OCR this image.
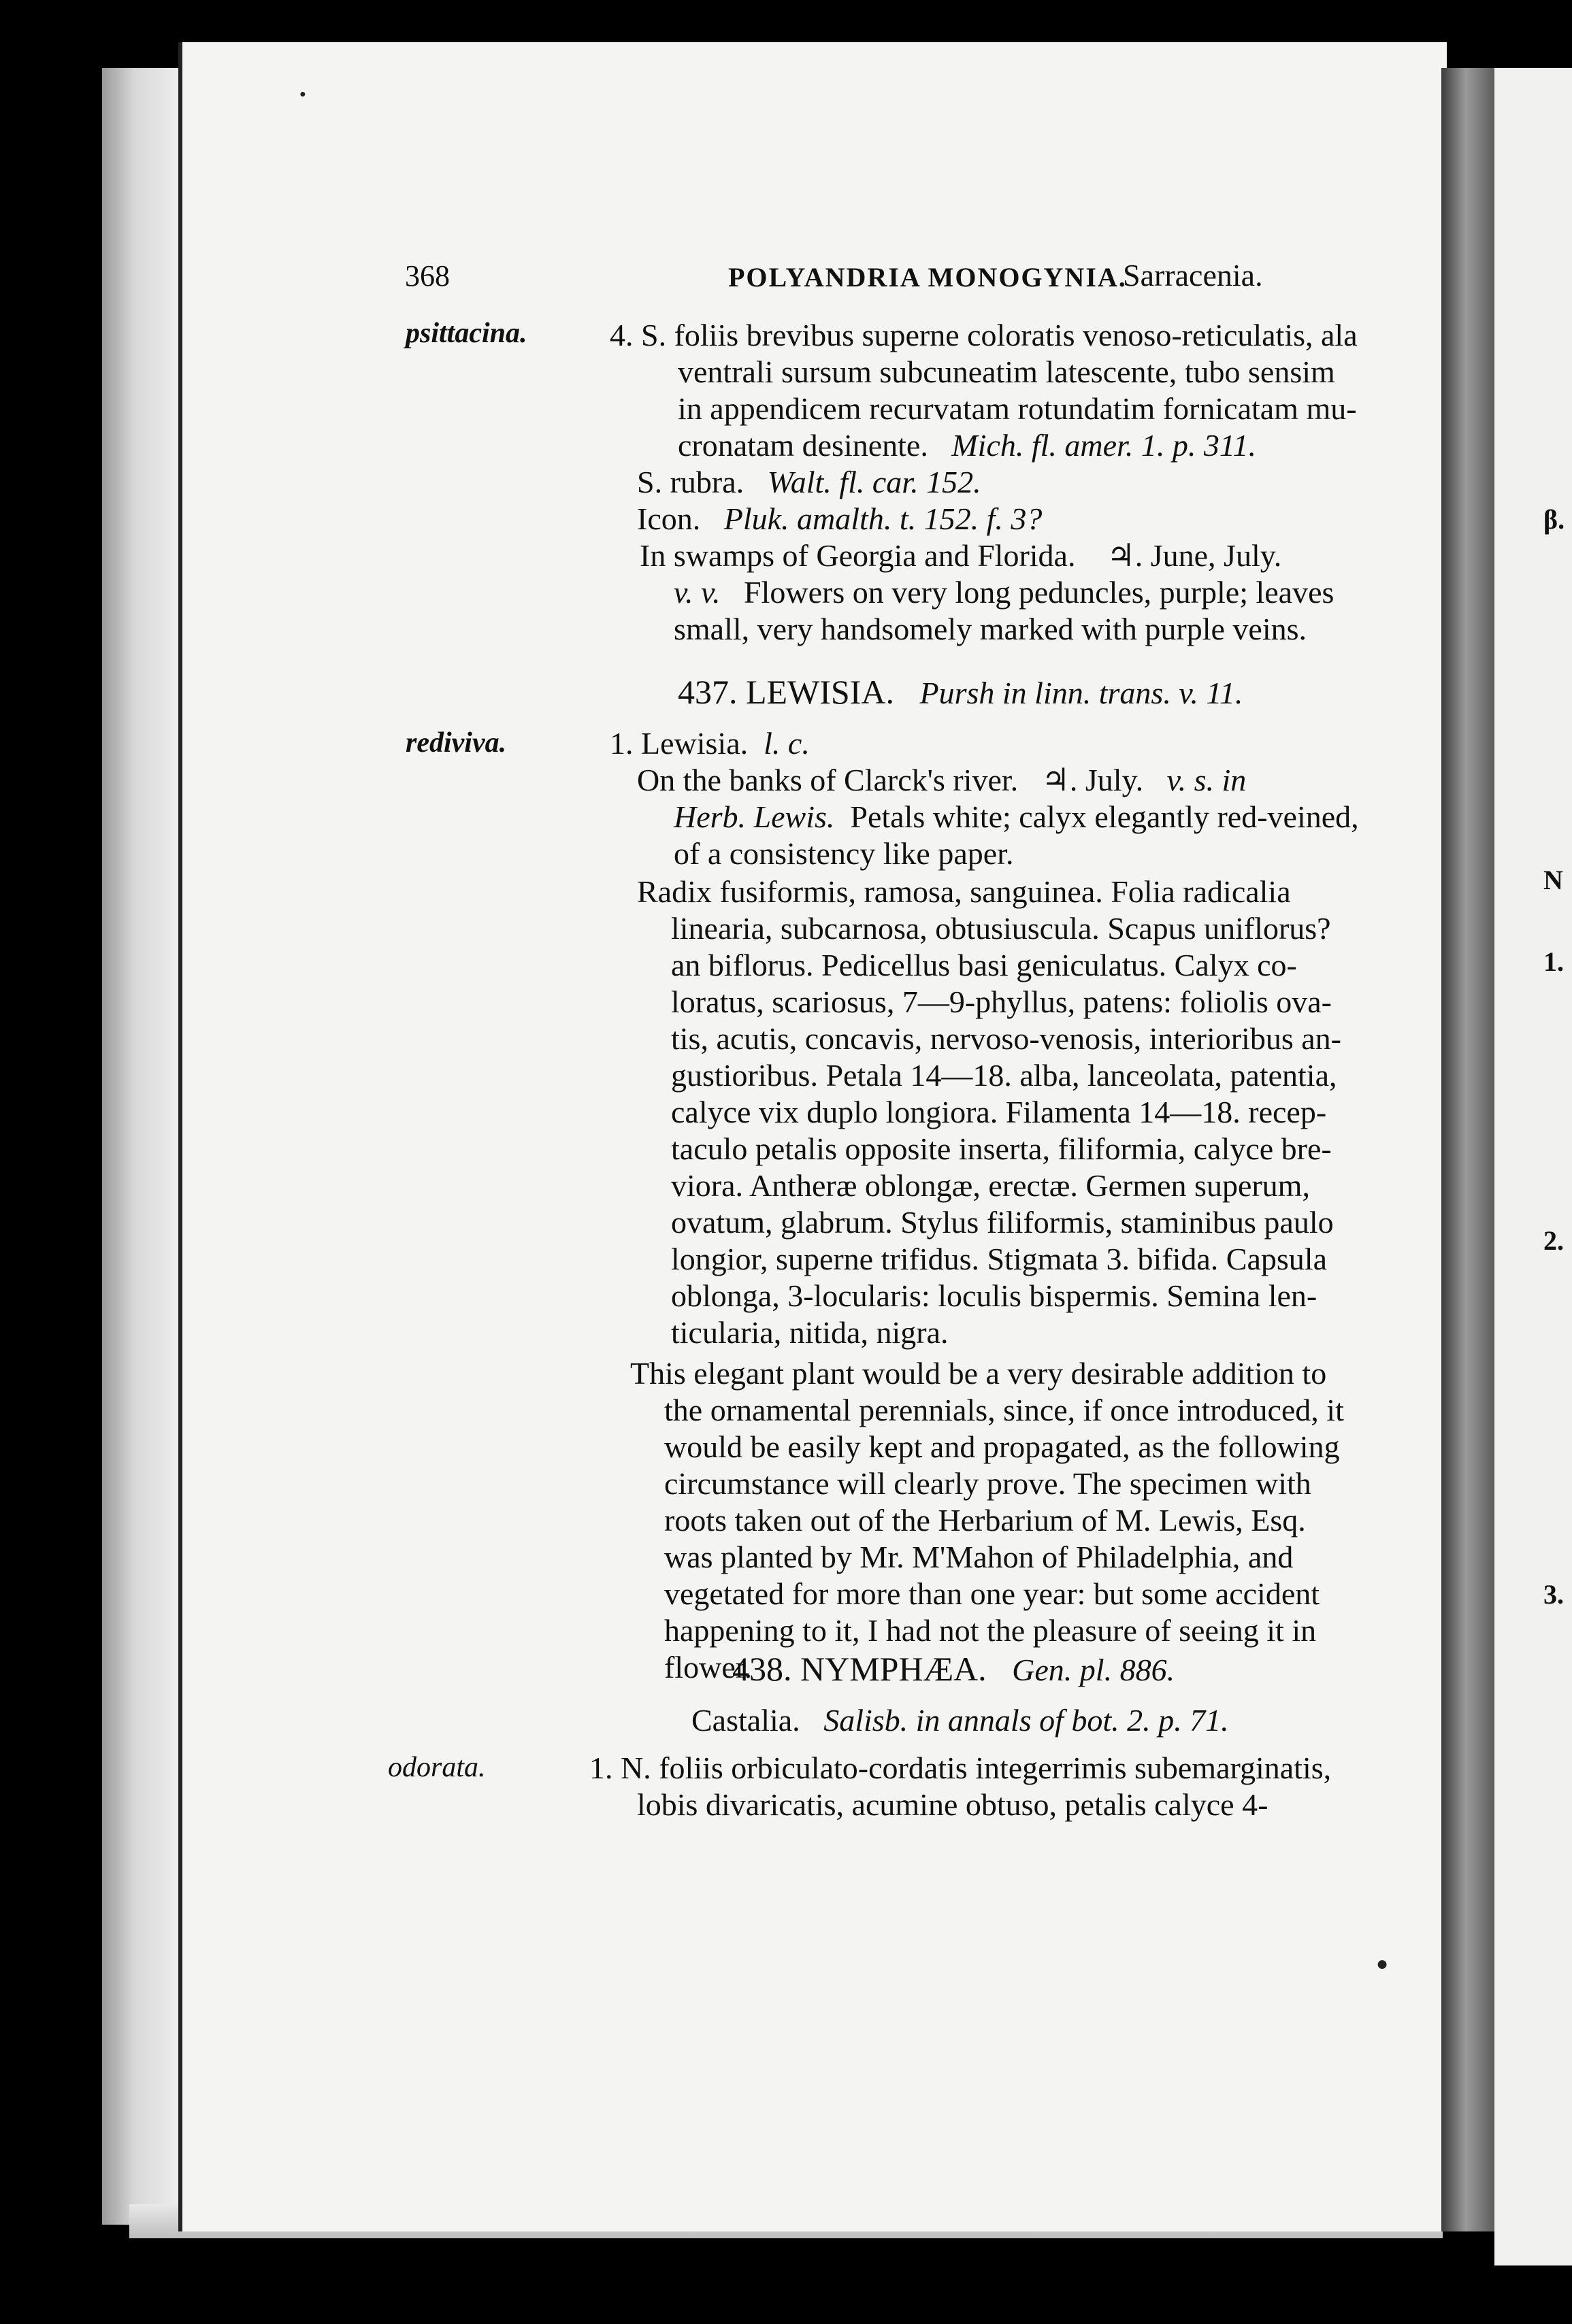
β.
N
1.
2.
3.
●
●
368	POLYANDRIA MONOGYNIA.
Sarracenia.
psittacina.	4. S. foliis brevibus superne coloratis venoso-reticulatis, ala
ventrali sursum subcuneatim latescente, tubo sensim
in appendicem recurvatam rotundatim fornicatam mu-
cronatam desinente. Mich. fl. amer. 1. p. 311.
S. rubra. Walt. fl. car. 152.
Icon. Pluk. amalth. t. 152. f. 3?
In swamps of Georgia and Florida. ♃. June, July.
v. v. Flowers on very long peduncles, purple; leaves
small, very handsomely marked with purple veins.
437. LEWISIA. Pursh in linn. trans. v. 11.
rediviva.	1. Lewisia. l. c.
On the banks of Clarck's river. ♃. July. v. s. in
Herb. Lewis. Petals white; calyx elegantly red-veined,
of a consistency like paper.
Radix fusiformis, ramosa, sanguinea. Folia radicalia
linearia, subcarnosa, obtusiuscula. Scapus uniflorus?
an biflorus. Pedicellus basi geniculatus. Calyx co-
loratus, scariosus, 7—9-phyllus, patens: foliolis ova-
tis, acutis, concavis, nervoso-venosis, interioribus an-
gustioribus. Petala 14—18. alba, lanceolata, patentia,
calyce vix duplo longiora. Filamenta 14—18. recep-
taculo petalis opposite inserta, filiformia, calyce bre-
viora. Antheræ oblongæ, erectæ. Germen superum,
ovatum, glabrum. Stylus filiformis, staminibus paulo
longior, superne trifidus. Stigmata 3. bifida. Capsula
oblonga, 3-locularis: loculis bispermis. Semina len-
ticularia, nitida, nigra.
This elegant plant would be a very desirable addition to
the ornamental perennials, since, if once introduced, it
would be easily kept and propagated, as the following
circumstance will clearly prove. The specimen with
roots taken out of the Herbarium of M. Lewis, Esq.
was planted by Mr. M'Mahon of Philadelphia, and
vegetated for more than one year: but some accident
happening to it, I had not the pleasure of seeing it in
flower.
438. NYMPHÆA. Gen. pl. 886.
Castalia. Salisb. in annals of bot. 2. p. 71.
odorata.	1. N. foliis orbiculato-cordatis integerrimis subemarginatis,
lobis divaricatis, acumine obtuso, petalis calyce 4-
